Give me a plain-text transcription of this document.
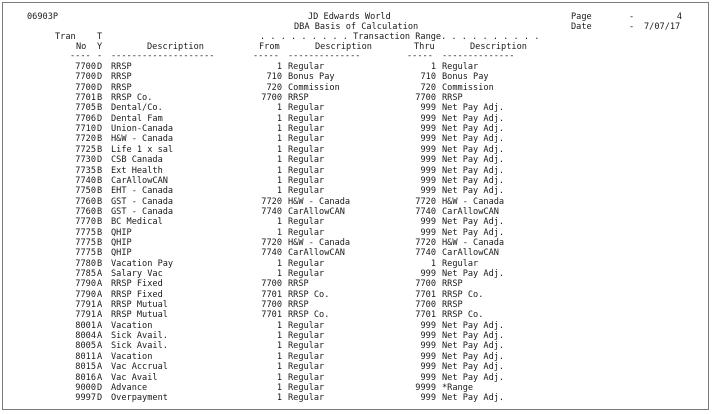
06903P	JD Edwards World	Page	-	4
DBA Basis of Calculation	Date	- 7/07/17
Tran T	. . . . . . . . . Transaction Range. . . . . . . . . .
No Y	Description	From	Description	Thru	Description
---- - --------------------	----- --------------	----- --------------
7700 D	RRSP	1 Regular	1 Regular
7700 D	RRSP	710 Bonus Pay	710 Bonus Pay
7700 D	RRSP	720 Commission	720 Commission
7701 B	RRSP Co.	7700 RRSP	7700 RRSP
7705 B	Dental/Co.	1 Regular	999 Net Pay Adj.
7706 D	Dental Fam	1 Regular	999 Net Pay Adj.
7710 D	Union-Canada	1 Regular	999 Net Pay Adj.
7720 B	H&W - Canada	1 Regular	999 Net Pay Adj.
7725 B	Life 1 x sal	1 Regular	999 Net Pay Adj.
7730 D	CSB Canada	1 Regular	999 Net Pay Adj.
7735 B	Ext Health	1 Regular	999 Net Pay Adj.
7740 B	CarAllowCAN	1 Regular	999 Net Pay Adj.
7750 B	EHT - Canada	1 Regular	999 Net Pay Adj.
7760 B	GST - Canada	7720 H&W - Canada	7720 H&W - Canada
7760 B	GST - Canada	7740 CarAllowCAN	7740 CarAllowCAN
7770 B	BC Medical	1 Regular	999 Net Pay Adj.
7775 B	QHIP	1 Regular	999 Net Pay Adj.
7775 B	QHIP	7720 H&W - Canada	7720 H&W - Canada
7775 B	QHIP	7740 CarAllowCAN	7740 CarAllowCAN
7780 B	Vacation Pay	1 Regular	1 Regular
7785 A	Salary Vac	1 Regular	999 Net Pay Adj.
7790 A	RRSP Fixed	7700 RRSP	7700 RRSP
7790 A	RRSP Fixed	7701 RRSP Co.	7701 RRSP Co.
7791 A	RRSP Mutual	7700 RRSP	7700 RRSP
7791 A	RRSP Mutual	7701 RRSP Co.	7701 RRSP Co.
8001 A	Vacation	1 Regular	999 Net Pay Adj.
8004 A	Sick Avail.	1 Regular	999 Net Pay Adj.
8005 A	Sick Avail.	1 Regular	999 Net Pay Adj.
8011 A	Vacation	1 Regular	999 Net Pay Adj.
8015 A	Vac Accrual	1 Regular	999 Net Pay Adj.
8016 A	Vac Avail	1 Regular	999 Net Pay Adj.
9000 D	Advance	1 Regular	9999 *Range
9997 D	Overpayment	1 Regular	999 Net Pay Adj.
